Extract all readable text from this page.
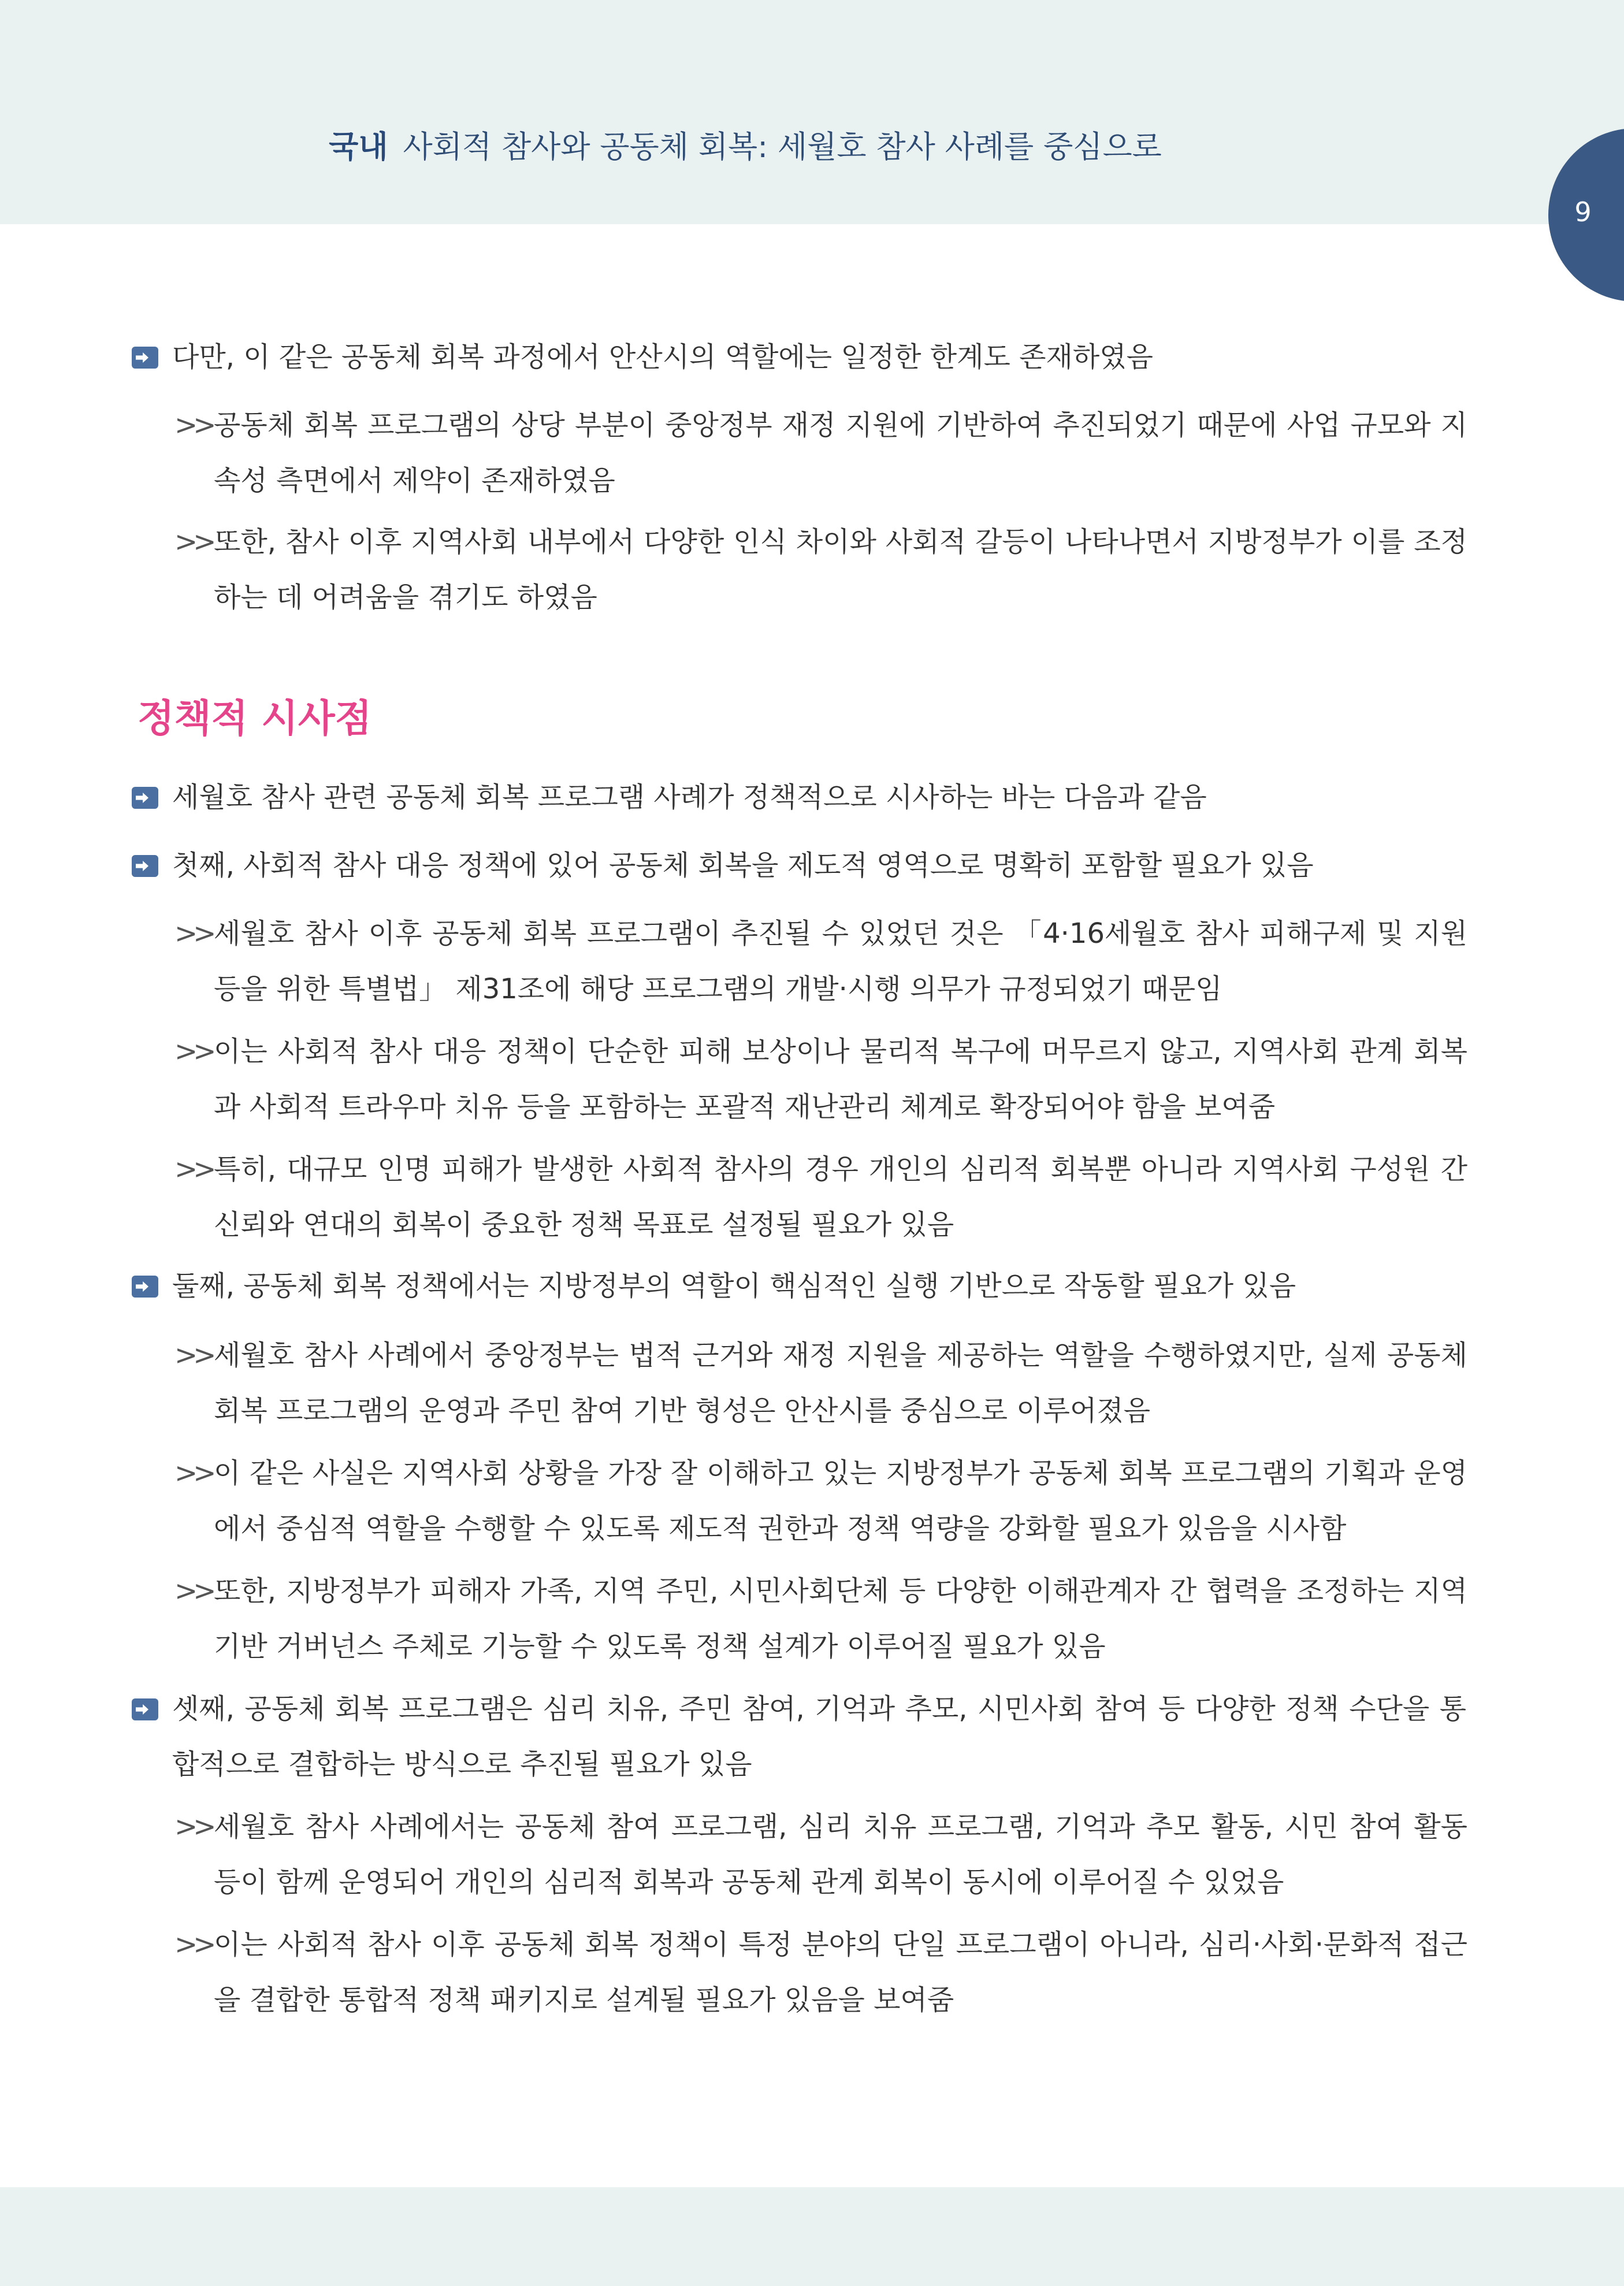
국내 사회적 참사와 공동체 회복: 세월호 참사 사례를 중심으로
9
다만, 이 같은 공동체 회복 과정에서 안산시의 역할에는 일정한 한계도 존재하였음
>> 공동체 회복 프로그램의 상당 부분이 중앙정부 재정 지원에 기반하여 추진되었기 때문에 사업 규모와 지속성 측면에서 제약이 존재하였음
>> 또한, 참사 이후 지역사회 내부에서 다양한 인식 차이와 사회적 갈등이 나타나면서 지방정부가 이를 조정하는 데 어려움을 겪기도 하였음
정책적 시사점
세월호 참사 관련 공동체 회복 프로그램 사례가 정책적으로 시사하는 바는 다음과 같음
첫째, 사회적 참사 대응 정책에 있어 공동체 회복을 제도적 영역으로 명확히 포함할 필요가 있음
>> 세월호 참사 이후 공동체 회복 프로그램이 추진될 수 있었던 것은 「4·16세월호 참사 피해구제 및 지원 등을 위한 특별법」 제31조에 해당 프로그램의 개발·시행 의무가 규정되었기 때문임
>> 이는 사회적 참사 대응 정책이 단순한 피해 보상이나 물리적 복구에 머무르지 않고, 지역사회 관계 회복과 사회적 트라우마 치유 등을 포함하는 포괄적 재난관리 체계로 확장되어야 함을 보여줌
>> 특히, 대규모 인명 피해가 발생한 사회적 참사의 경우 개인의 심리적 회복뿐 아니라 지역사회 구성원 간 신뢰와 연대의 회복이 중요한 정책 목표로 설정될 필요가 있음
둘째, 공동체 회복 정책에서는 지방정부의 역할이 핵심적인 실행 기반으로 작동할 필요가 있음
>> 세월호 참사 사례에서 중앙정부는 법적 근거와 재정 지원을 제공하는 역할을 수행하였지만, 실제 공동체 회복 프로그램의 운영과 주민 참여 기반 형성은 안산시를 중심으로 이루어졌음
>> 이 같은 사실은 지역사회 상황을 가장 잘 이해하고 있는 지방정부가 공동체 회복 프로그램의 기획과 운영에서 중심적 역할을 수행할 수 있도록 제도적 권한과 정책 역량을 강화할 필요가 있음을 시사함
>> 또한, 지방정부가 피해자 가족, 지역 주민, 시민사회단체 등 다양한 이해관계자 간 협력을 조정하는 지역 기반 거버넌스 주체로 기능할 수 있도록 정책 설계가 이루어질 필요가 있음
셋째, 공동체 회복 프로그램은 심리 치유, 주민 참여, 기억과 추모, 시민사회 참여 등 다양한 정책 수단을 통합적으로 결합하는 방식으로 추진될 필요가 있음
>> 세월호 참사 사례에서는 공동체 참여 프로그램, 심리 치유 프로그램, 기억과 추모 활동, 시민 참여 활동 등이 함께 운영되어 개인의 심리적 회복과 공동체 관계 회복이 동시에 이루어질 수 있었음
>> 이는 사회적 참사 이후 공동체 회복 정책이 특정 분야의 단일 프로그램이 아니라, 심리·사회·문화적 접근을 결합한 통합적 정책 패키지로 설계될 필요가 있음을 보여줌
